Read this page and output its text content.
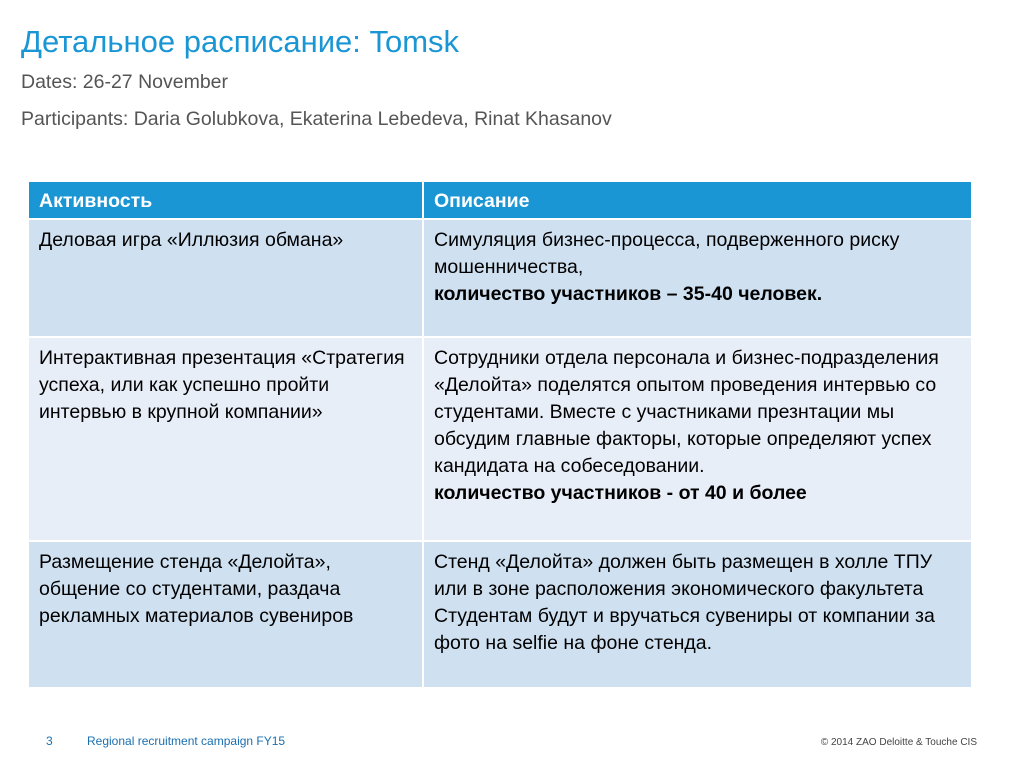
Детальное расписание: Tomsk
Dates: 26-27 November
Participants: Daria Golubkova, Ekaterina Lebedeva, Rinat Khasanov
Активность	Описание

Деловая игра «Иллюзия обмана»	Симуляция бизнес-процесса, подверженного риску мошенничества,
количество участников – 35-40 человек.

Интерактивная презентация «Стратегия успеха, или как успешно пройти интервью в крупной компании»	Сотрудники отдела персонала и бизнес-подразделения «Делойта» поделятся опытом проведения интервью со студентами. Вместе с участниками презнтации мы обсудим главные факторы, которые определяют успех кандидата на собеседовании.
количество участников - от 40 и более

Размещение стенда «Делойта», общение со студентами, раздача рекламных материалов сувениров	Стенд «Делойта» должен быть размещен в холле ТПУ или в зоне расположения экономического факультета Студентам будут и вручаться сувениры от компании за фото на selfie на фоне стенда.
3	Regional recruitment campaign FY15	© 2014 ZAO Deloitte & Touche CIS
